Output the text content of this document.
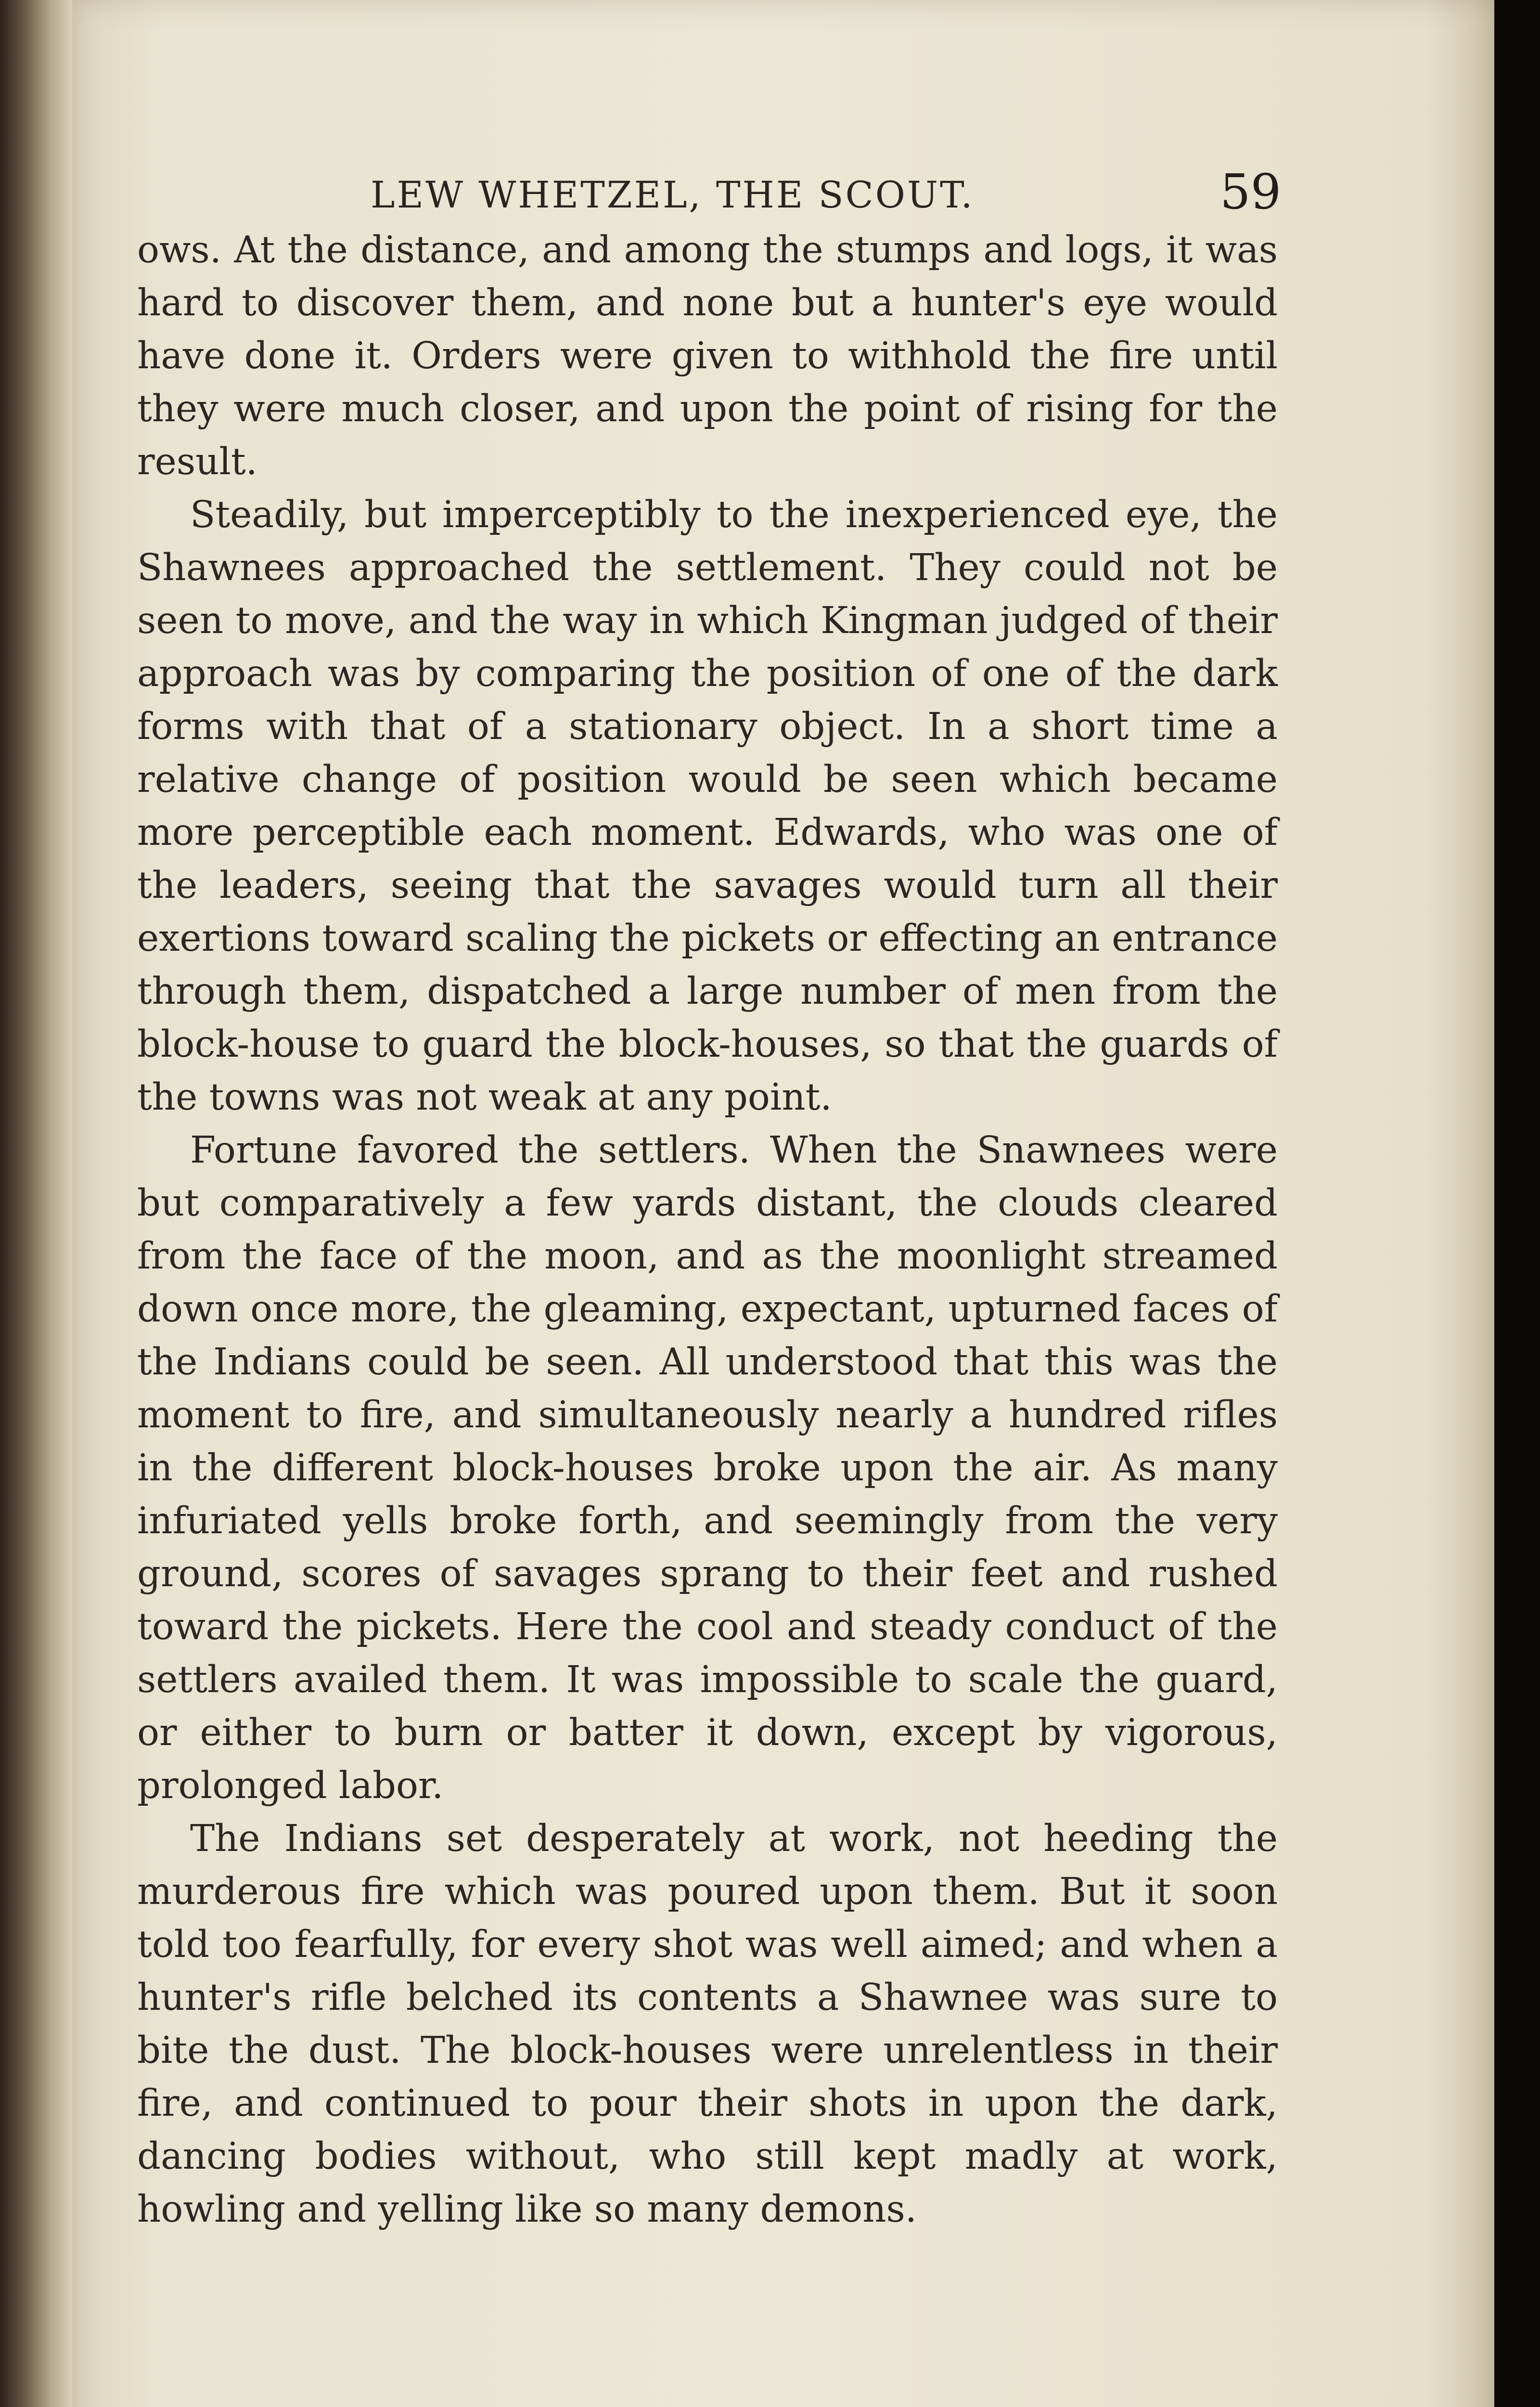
LEW WHETZEL, THE SCOUT.	59

ows. At the distance, and among the stumps and logs, it was hard to discover them, and none but a hunter's eye would have done it. Orders were given to withhold the fire until they were much closer, and upon the point of rising for the result.

Steadily, but imperceptibly to the inexperienced eye, the Shawnees approached the settlement. They could not be seen to move, and the way in which Kingman judged of their approach was by comparing the position of one of the dark forms with that of a stationary object. In a short time a relative change of position would be seen which became more perceptible each moment. Edwards, who was one of the leaders, seeing that the savages would turn all their exertions toward scaling the pickets or effecting an entrance through them, dispatched a large number of men from the block-house to guard the block-houses, so that the guards of the towns was not weak at any point.

Fortune favored the settlers. When the Snawnees were but comparatively a few yards distant, the clouds cleared from the face of the moon, and as the moonlight streamed down once more, the gleaming, expectant, upturned faces of the Indians could be seen. All understood that this was the moment to fire, and simultaneously nearly a hundred rifles in the different block-houses broke upon the air. As many infuriated yells broke forth, and seemingly from the very ground, scores of savages sprang to their feet and rushed toward the pickets. Here the cool and steady conduct of the settlers availed them. It was impossible to scale the guard, or either to burn or batter it down, except by vigorous, prolonged labor.

The Indians set desperately at work, not heeding the murderous fire which was poured upon them. But it soon told too fearfully, for every shot was well aimed; and when a hunter's rifle belched its contents a Shawnee was sure to bite the dust. The block-houses were unrelentless in their fire, and continued to pour their shots in upon the dark, dancing bodies without, who still kept madly at work, howling and yelling like so many demons.
